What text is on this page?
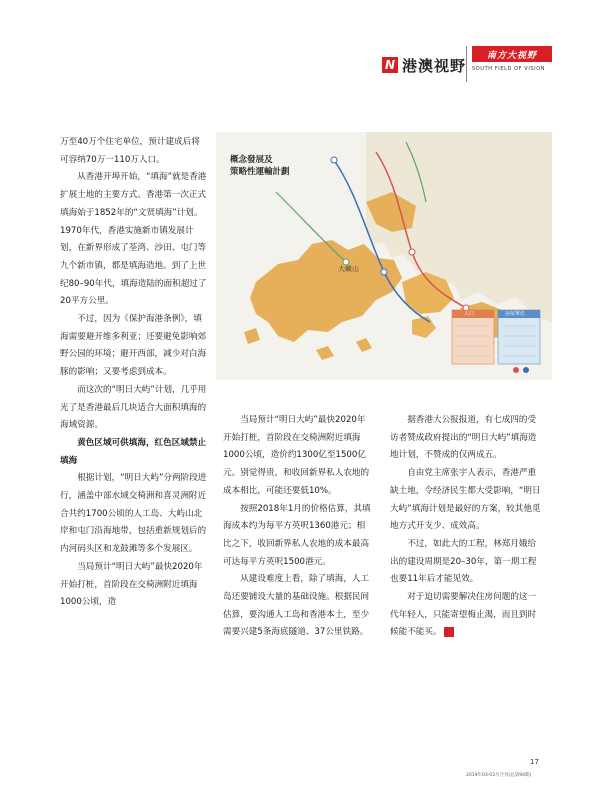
N 港澳视野
南方大视野
SOUTH FIELD OF VISION
概念發展及
策略性運輸計劃
大嶼山
人口	房屋單位

万至40万个住宅单位，预计建成后将可容纳70万一110万人口。

从香港开埠开始，“填海”就是香港扩展土地的主要方式。香港第一次正式填海始于1852年的“文贤填海”计划。1970年代，香港实施新市镇发展计划，在新界形成了荃湾、沙田、屯门等九个新市镇，都是填海造地。到了上世纪80–90年代，填海造陆的面积超过了20平方公里。

不过，因为《保护海港条例》，填海需要避开维多利亚；还要避免影响郊野公园的环境；避开西部，减少对白海豚的影响；又要考虑到成本。

而这次的“明日大屿”计划，几乎用光了是香港最后几块适合大面积填海的海域资源。

黄色区域可供填海，红色区域禁止填海

根据计划，“明日大屿”分两阶段进行，涵盖中部水域交椅洲和喜灵洲附近合共约1700公顷的人工岛、大屿山北岸和屯门沿海地带，包括重新规划后的内河码头区和龙鼓滩等多个发展区。

当局预计“明日大屿”最快2020年开始打桩，首阶段在交椅洲附近填海1000公顷，造

当局预计“明日大屿”最快2020年开始打桩，首阶段在交椅洲附近填海1000公顷，造价约1300亿至1500亿元。别觉得贵，和收回新界私人农地的成本相比，可能还要低10%。

按照2018年1月的价格估算，其填海成本约为每平方英呎1360港元；相比之下，收回新界私人农地的成本最高可达每平方英呎1500港元。

从建设难度上看，除了填海，人工岛还要铺设大量的基础设施。根据民间估算，要沟通人工岛和香港本土，至少需要兴建5条海底隧道、37公里铁路。

据香港大公报报道，有七成四的受访者赞成政府提出的“明日大屿”填海造地计划，不赞成的仅两成五。

自由党主席张宇人表示，香港严重缺土地，令经济民生都大受影响，“明日大屿”填海计划是最好的方案，较其他觅地方式开支少、成效高。

不过，如此大的工程，林郑月娥给出的建设周期是20–30年，第一期工程也要11年后才能见效。

对于迫切需要解决住房问题的这一代年轻人，只能寄望梅止渴，而且到时候能不能买。	N

17
2019年03-03月合刊(总第94期)
